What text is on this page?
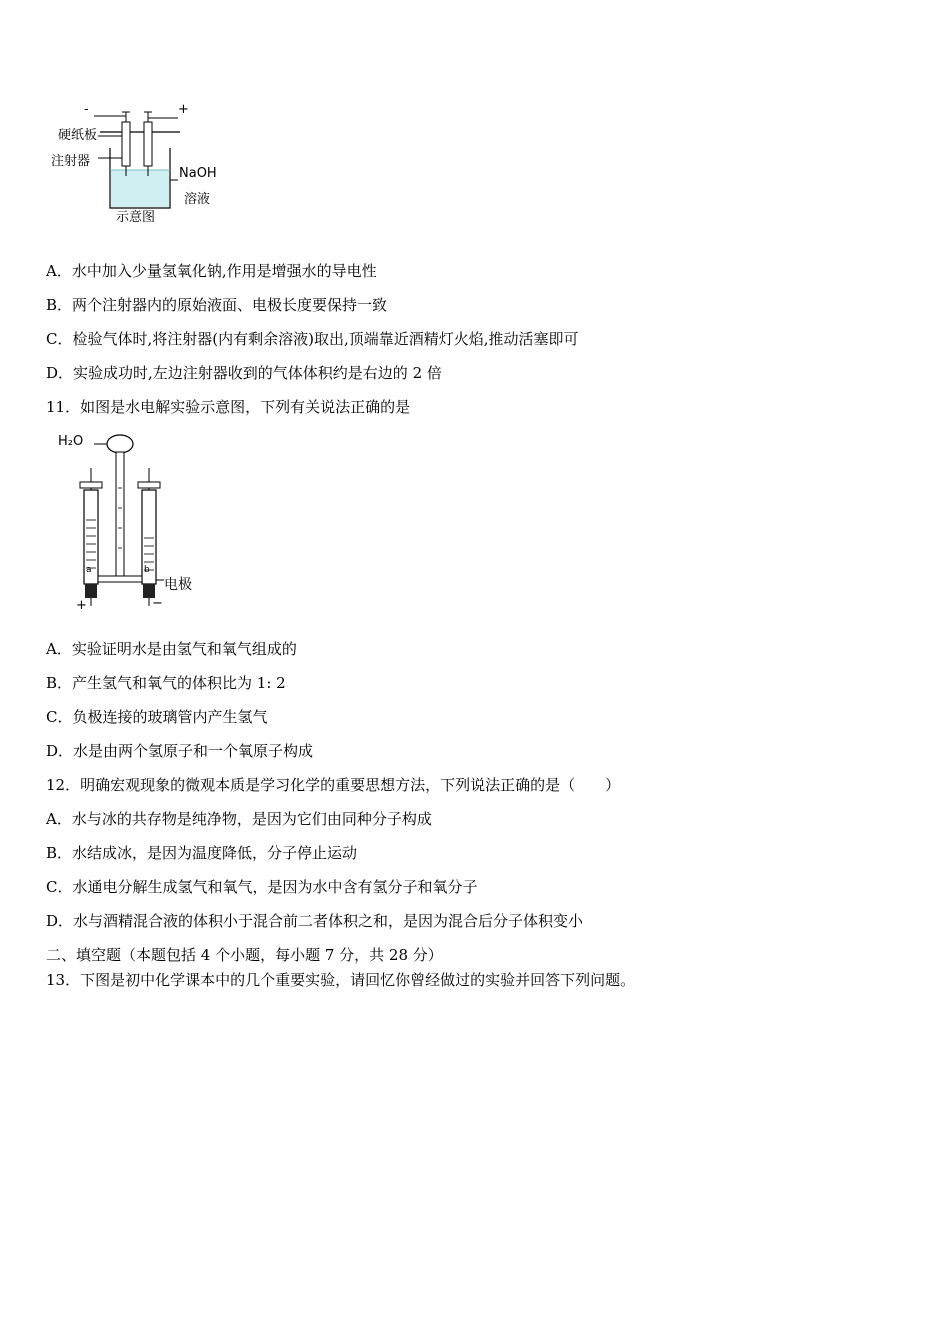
-	+
硬纸板
注射器
NaOH
溶液
示意图
A．水中加入少量氢氧化钠,作用是增强水的导电性
B．两个注射器内的原始液面、电极长度要保持一致
C．检验气体时,将注射器(内有剩余溶液)取出,顶端靠近酒精灯火焰,推动活塞即可
D．实验成功时,左边注射器收到的气体体积约是右边的 2 倍
11．如图是水电解实验示意图，下列有关说法正确的是
H₂O
a	b
电极
+	−
A．实验证明水是由氢气和氧气组成的
B．产生氢气和氧气的体积比为 1: 2
C．负极连接的玻璃管内产生氢气
D．水是由两个氢原子和一个氧原子构成
12．明确宏观现象的微观本质是学习化学的重要思想方法，下列说法正确的是（　　）
A．水与冰的共存物是纯净物，是因为它们由同种分子构成
B．水结成冰，是因为温度降低，分子停止运动
C．水通电分解生成氢气和氧气，是因为水中含有氢分子和氧分子
D．水与酒精混合液的体积小于混合前二者体积之和，是因为混合后分子体积变小
二、填空题（本题包括 4 个小题，每小题 7 分，共 28 分）
13．下图是初中化学课本中的几个重要实验，请回忆你曾经做过的实验并回答下列问题。
